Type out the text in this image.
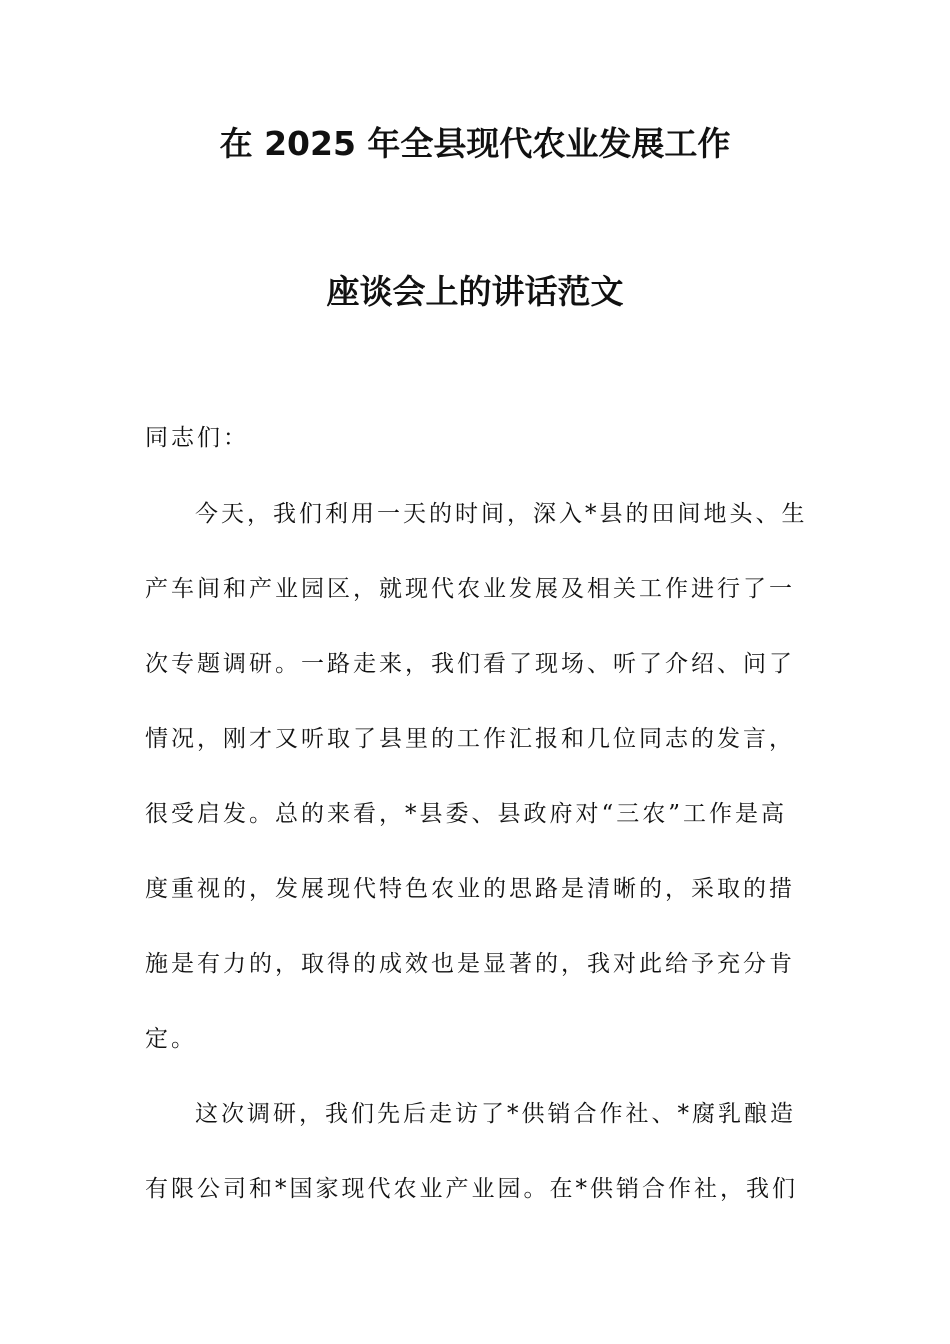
在 2025 年全县现代农业发展工作
座谈会上的讲话范文
同志们：
今天，我们利用一天的时间，深入*县的田间地头、生
产车间和产业园区，就现代农业发展及相关工作进行了一
次专题调研。一路走来，我们看了现场、听了介绍、问了
情况，刚才又听取了县里的工作汇报和几位同志的发言，
很受启发。总的来看，*县委、县政府对“三农”工作是高
度重视的，发展现代特色农业的思路是清晰的，采取的措
施是有力的，取得的成效也是显著的，我对此给予充分肯
定。
这次调研，我们先后走访了*供销合作社、*腐乳酿造
有限公司和*国家现代农业产业园。在*供销合作社，我们
